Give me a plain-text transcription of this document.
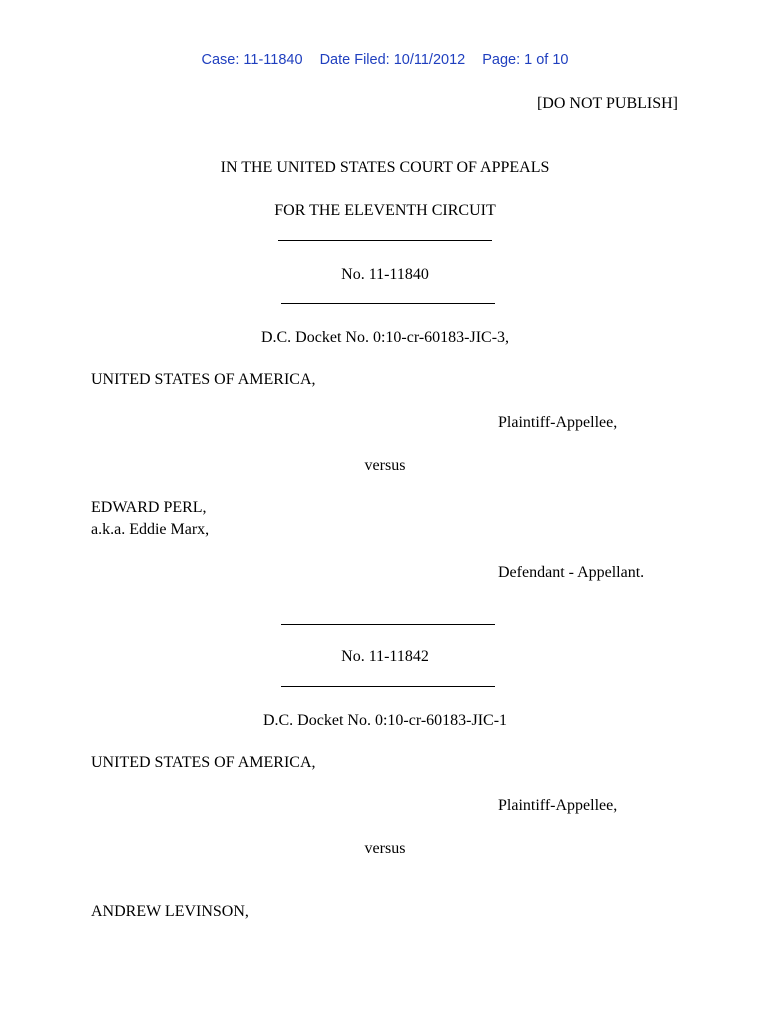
Case: 11-11840 Date Filed: 10/11/2012 Page: 1 of 10
[DO NOT PUBLISH]
IN THE UNITED STATES COURT OF APPEALS
FOR THE ELEVENTH CIRCUIT
No. 11-11840
D.C. Docket No. 0:10-cr-60183-JIC-3,
UNITED STATES OF AMERICA,
Plaintiff-Appellee,
versus
EDWARD PERL,
a.k.a. Eddie Marx,
Defendant - Appellant.
No. 11-11842
D.C. Docket No. 0:10-cr-60183-JIC-1
UNITED STATES OF AMERICA,
Plaintiff-Appellee,
versus
ANDREW LEVINSON,
